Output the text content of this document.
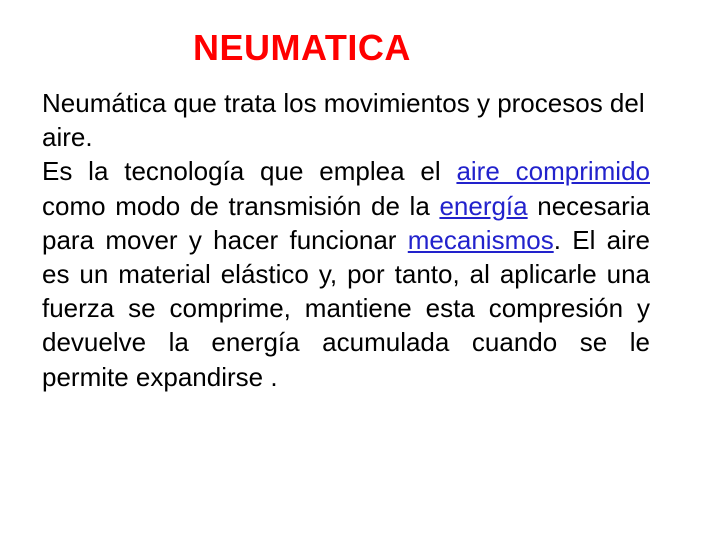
NEUMATICA

Neumática que trata los movimientos y procesos del aire.

Es la tecnología que emplea el aire comprimido como modo de transmisión de la energía necesaria para mover y hacer funcionar mecanismos. El aire es un material elástico y, por tanto, al aplicarle una fuerza se comprime, mantiene esta compresión y devuelve la energía acumulada cuando se le permite expandirse .
